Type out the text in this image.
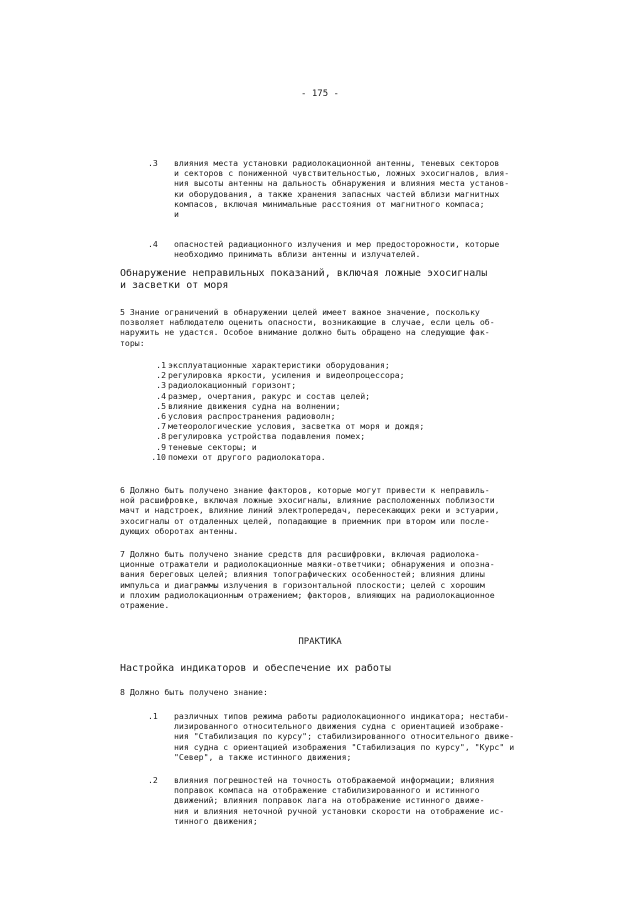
- 175 -
.3 влияния места установки радиолокационной антенны, теневых секторов
и секторов с пониженной чувствительностью, ложных эхосигналов, влия-
ния высоты антенны на дальность обнаружения и влияния места установ-
ки оборудования, а также хранения запасных частей вблизи магнитных
компасов, включая минимальные расстояния от магнитного компаса;
и
.4 опасностей радиационного излучения и мер предосторожности, которые
необходимо принимать вблизи антенны и излучателей.
Обнаружение неправильных показаний, включая ложные эхосигналы
и засветки от моря
5 Знание ограничений в обнаружении целей имеет важное значение, поскольку
позволяет наблюдателю оценить опасности, возникающие в случае, если цель об-
наружить не удастся. Особое внимание должно быть обращено на следующие фак-
торы:
.1 эксплуатационные характеристики оборудования;
.2 регулировка яркости, усиления и видеопроцессора;
.3 радиолокационный горизонт;
.4 размер, очертания, ракурс и состав целей;
.5 влияние движения судна на волнении;
.6 условия распространения радиоволн;
.7 метеорологические условия, засветка от моря и дождя;
.8 регулировка устройства подавления помех;
.9 теневые секторы; и
.10 помехи от другого радиолокатора.
6 Должно быть получено знание факторов, которые могут привести к неправиль-
ной расшифровке, включая ложные эхосигналы, влияние расположенных поблизости
мачт и надстроек, влияние линий электропередач, пересекающих реки и эстуарии,
эхосигналы от отдаленных целей, попадающие в приемник при втором или после-
дующих оборотах антенны.
7 Должно быть получено знание средств для расшифровки, включая радиолока-
ционные отражатели и радиолокационные маяки-ответчики; обнаружения и опозна-
вания береговых целей; влияния топографических особенностей; влияния длины
импульса и диаграммы излучения в горизонтальной плоскости; целей с хорошим
и плохим радиолокационным отражением; факторов, влияющих на радиолокационное
отражение.
ПРАКТИКА
Настройка индикаторов и обеспечение их работы
8 Должно быть получено знание:
.1 различных типов режима работы радиолокационного индикатора; нестаби-
лизированного относительного движения судна с ориентацией изображе-
ния "Стабилизация по курсу"; стабилизированного относительного движе-
ния судна с ориентацией изображения "Стабилизация по курсу", "Курс" и
"Север", а также истинного движения;
.2 влияния погрешностей на точность отображаемой информации; влияния
поправок компаса на отображение стабилизированного и истинного
движений; влияния поправок лага на отображение истинного движе-
ния и влияния неточной ручной установки скорости на отображение ис-
тинного движения;
